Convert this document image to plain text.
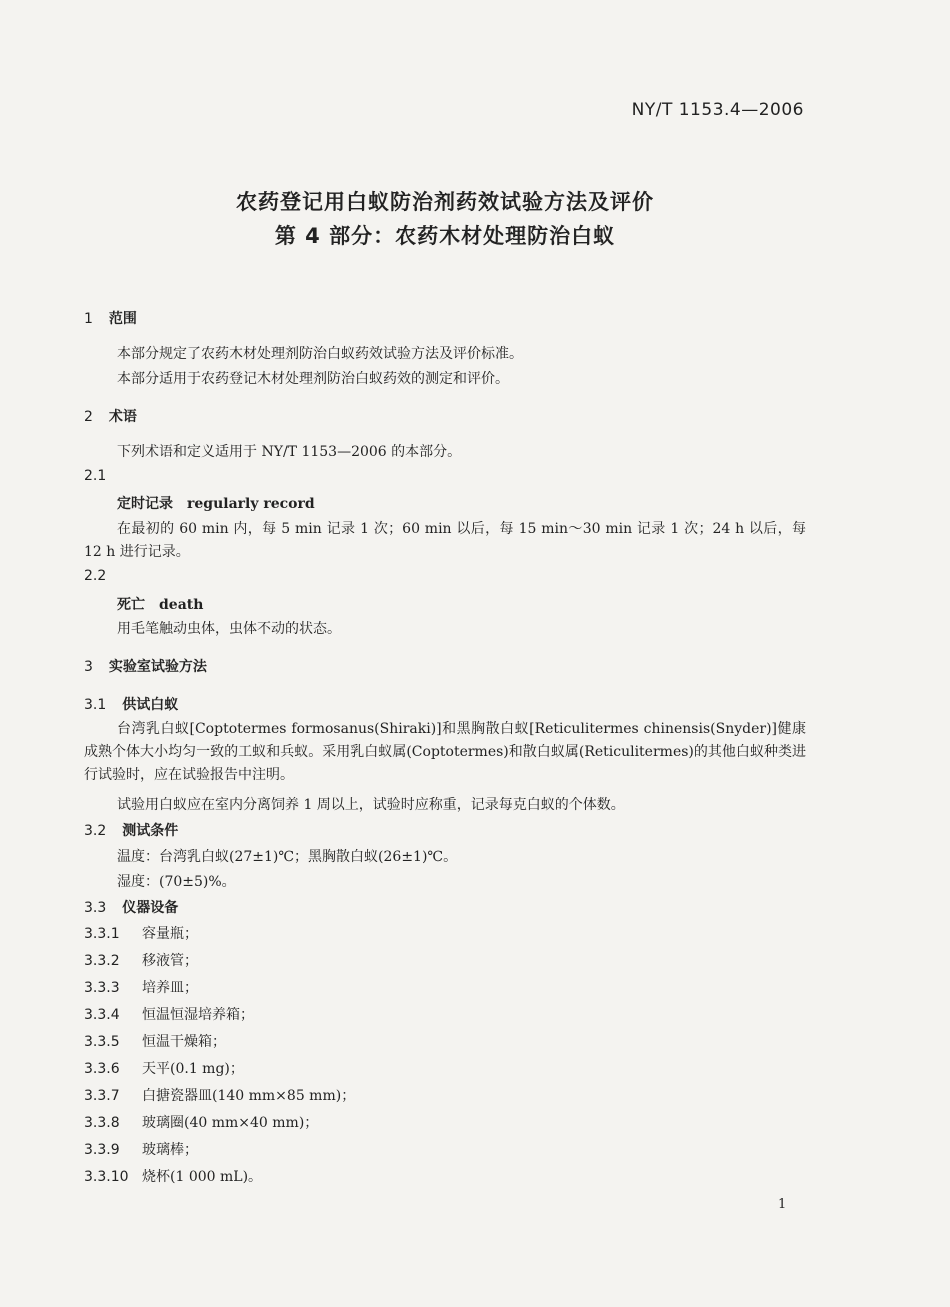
NY/T 1153.4—2006
农药登记用白蚁防治剂药效试验方法及评价
第 4 部分：农药木材处理防治白蚁
1 范围
本部分规定了农药木材处理剂防治白蚁药效试验方法及评价标准。
本部分适用于农药登记木材处理剂防治白蚁药效的测定和评价。
2 术语
下列术语和定义适用于 NY/T 1153—2006 的本部分。
2.1
定时记录 regularly record
在最初的 60 min 内，每 5 min 记录 1 次；60 min 以后，每 15 min～30 min 记录 1 次；24 h 以后，每12 h 进行记录。
2.2
死亡 death
用毛笔触动虫体，虫体不动的状态。
3 实验室试验方法
3.1 供试白蚁
台湾乳白蚁[Coptotermes formosanus(Shiraki)]和黑胸散白蚁[Reticulitermes chinensis(Snyder)]健康成熟个体大小均匀一致的工蚁和兵蚁。采用乳白蚁属(Coptotermes)和散白蚁属(Reticulitermes)的其他白蚁种类进行试验时，应在试验报告中注明。
试验用白蚁应在室内分离饲养 1 周以上，试验时应称重，记录每克白蚁的个体数。
3.2 测试条件
温度：台湾乳白蚁(27±1)℃；黑胸散白蚁(26±1)℃。
湿度：(70±5)%。
3.3 仪器设备
3.3.1 容量瓶；
3.3.2 移液管；
3.3.3 培养皿；
3.3.4 恒温恒湿培养箱；
3.3.5 恒温干燥箱；
3.3.6 天平(0.1 mg)；
3.3.7 白搪瓷器皿(140 mm×85 mm)；
3.3.8 玻璃圈(40 mm×40 mm)；
3.3.9 玻璃棒；
3.3.10 烧杯(1 000 mL)。
1
